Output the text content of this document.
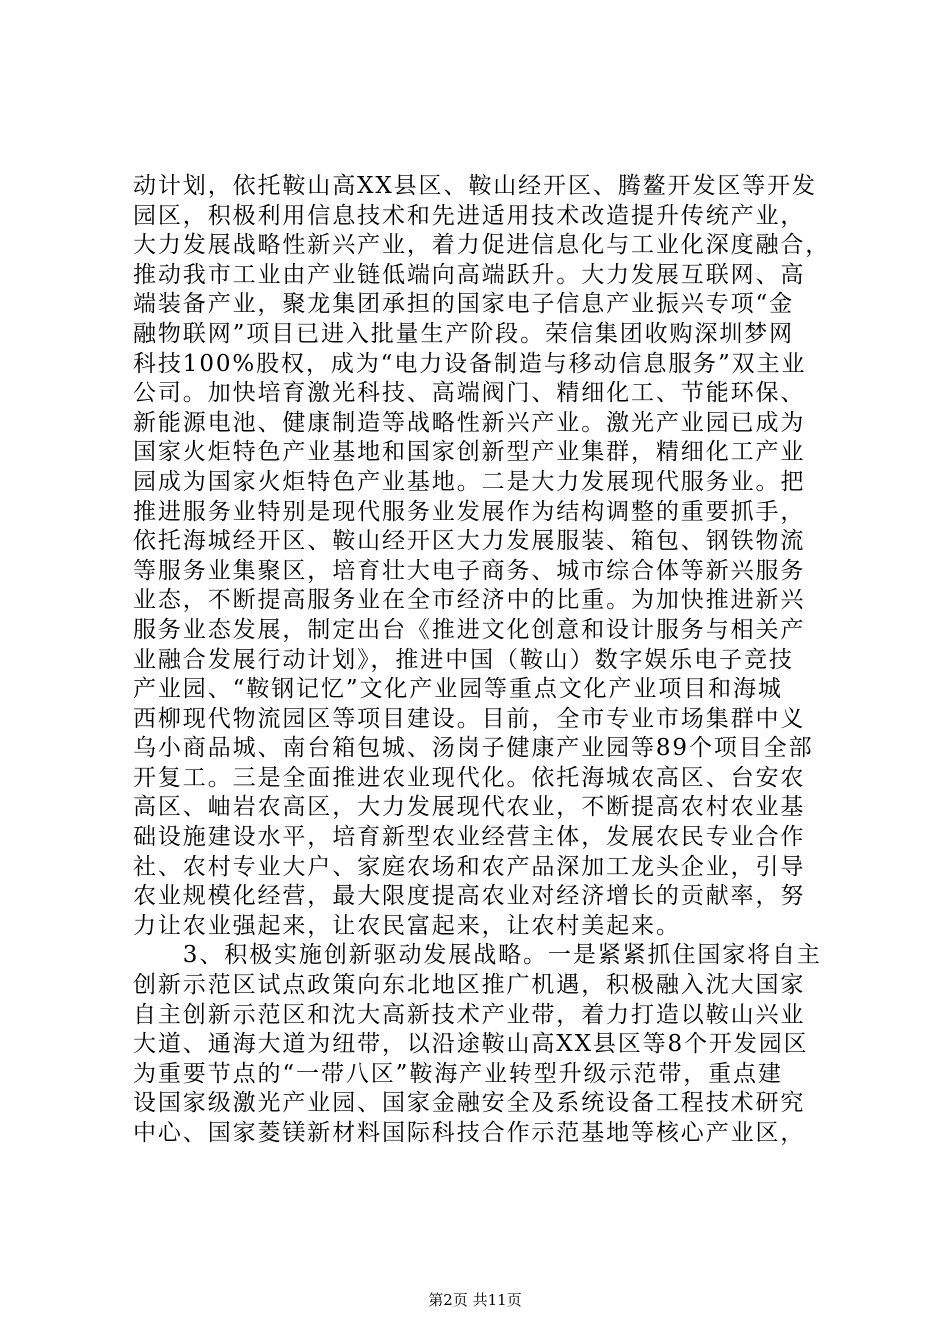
动计划，依托鞍山高XX县区、鞍山经开区、腾鳌开发区等开发
园区，积极利用信息技术和先进适用技术改造提升传统产业，
大力发展战略性新兴产业，着力促进信息化与工业化深度融合，
推动我市工业由产业链低端向高端跃升。大力发展互联网、高
端装备产业，聚龙集团承担的国家电子信息产业振兴专项“金
融物联网”项目已进入批量生产阶段。荣信集团收购深圳梦网
科技100%股权，成为“电力设备制造与移动信息服务”双主业
公司。加快培育激光科技、高端阀门、精细化工、节能环保、
新能源电池、健康制造等战略性新兴产业。激光产业园已成为
国家火炬特色产业基地和国家创新型产业集群，精细化工产业
园成为国家火炬特色产业基地。二是大力发展现代服务业。把
推进服务业特别是现代服务业发展作为结构调整的重要抓手，
依托海城经开区、鞍山经开区大力发展服装、箱包、钢铁物流
等服务业集聚区，培育壮大电子商务、城市综合体等新兴服务
业态，不断提高服务业在全市经济中的比重。为加快推进新兴
服务业态发展，制定出台《推进文化创意和设计服务与相关产
业融合发展行动计划》，推进中国（鞍山）数字娱乐电子竞技
产业园、“鞍钢记忆”文化产业园等重点文化产业项目和海城
西柳现代物流园区等项目建设。目前，全市专业市场集群中义
乌小商品城、南台箱包城、汤岗子健康产业园等89个项目全部
开复工。三是全面推进农业现代化。依托海城农高区、台安农
高区、岫岩农高区，大力发展现代农业，不断提高农村农业基
础设施建设水平，培育新型农业经营主体，发展农民专业合作
社、农村专业大户、家庭农场和农产品深加工龙头企业，引导
农业规模化经营，最大限度提高农业对经济增长的贡献率，努
力让农业强起来，让农民富起来，让农村美起来。
　　3、积极实施创新驱动发展战略。一是紧紧抓住国家将自主
创新示范区试点政策向东北地区推广机遇，积极融入沈大国家
自主创新示范区和沈大高新技术产业带，着力打造以鞍山兴业
大道、通海大道为纽带，以沿途鞍山高XX县区等8个开发园区
为重要节点的“一带八区”鞍海产业转型升级示范带，重点建
设国家级激光产业园、国家金融安全及系统设备工程技术研究
中心、国家菱镁新材料国际科技合作示范基地等核心产业区，
第2页 共11页
